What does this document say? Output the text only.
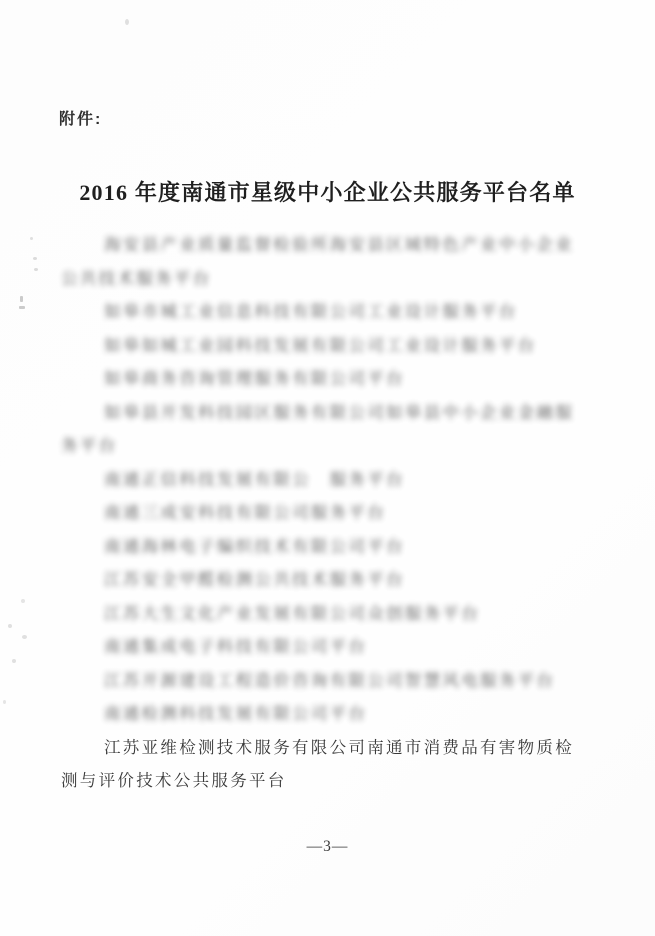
附件:
2016 年度南通市星级中小企业公共服务平台名单
海安县产业质量监督检验所海安县区域特色产业中小企业
公共技术服务平台
如皋市城工业信息科技有限公司工业设计服务平台
如皋如城工业园科技发展有限公司工业设计服务平台
如皋商务咨询管理服务有限公司平台
如皋县开发科技园区服务有限公司如皋县中小企业金融服
务平台
南通正信科技发展有限公　服务平台
南通三成安科技有限公司服务平台
南通海林电子编织技术有限公司平台
江苏安全甲醛检测公共技术服务平台
江苏大生文化产业发展有限公司众创服务平台
南通集成电子科技有限公司平台
江苏开源建设工程造价咨询有限公司智慧风电服务平台
南通检测科技发展有限公司平台
江苏亚维检测技术服务有限公司南通市消费品有害物质检
测与评价技术公共服务平台
—3—
